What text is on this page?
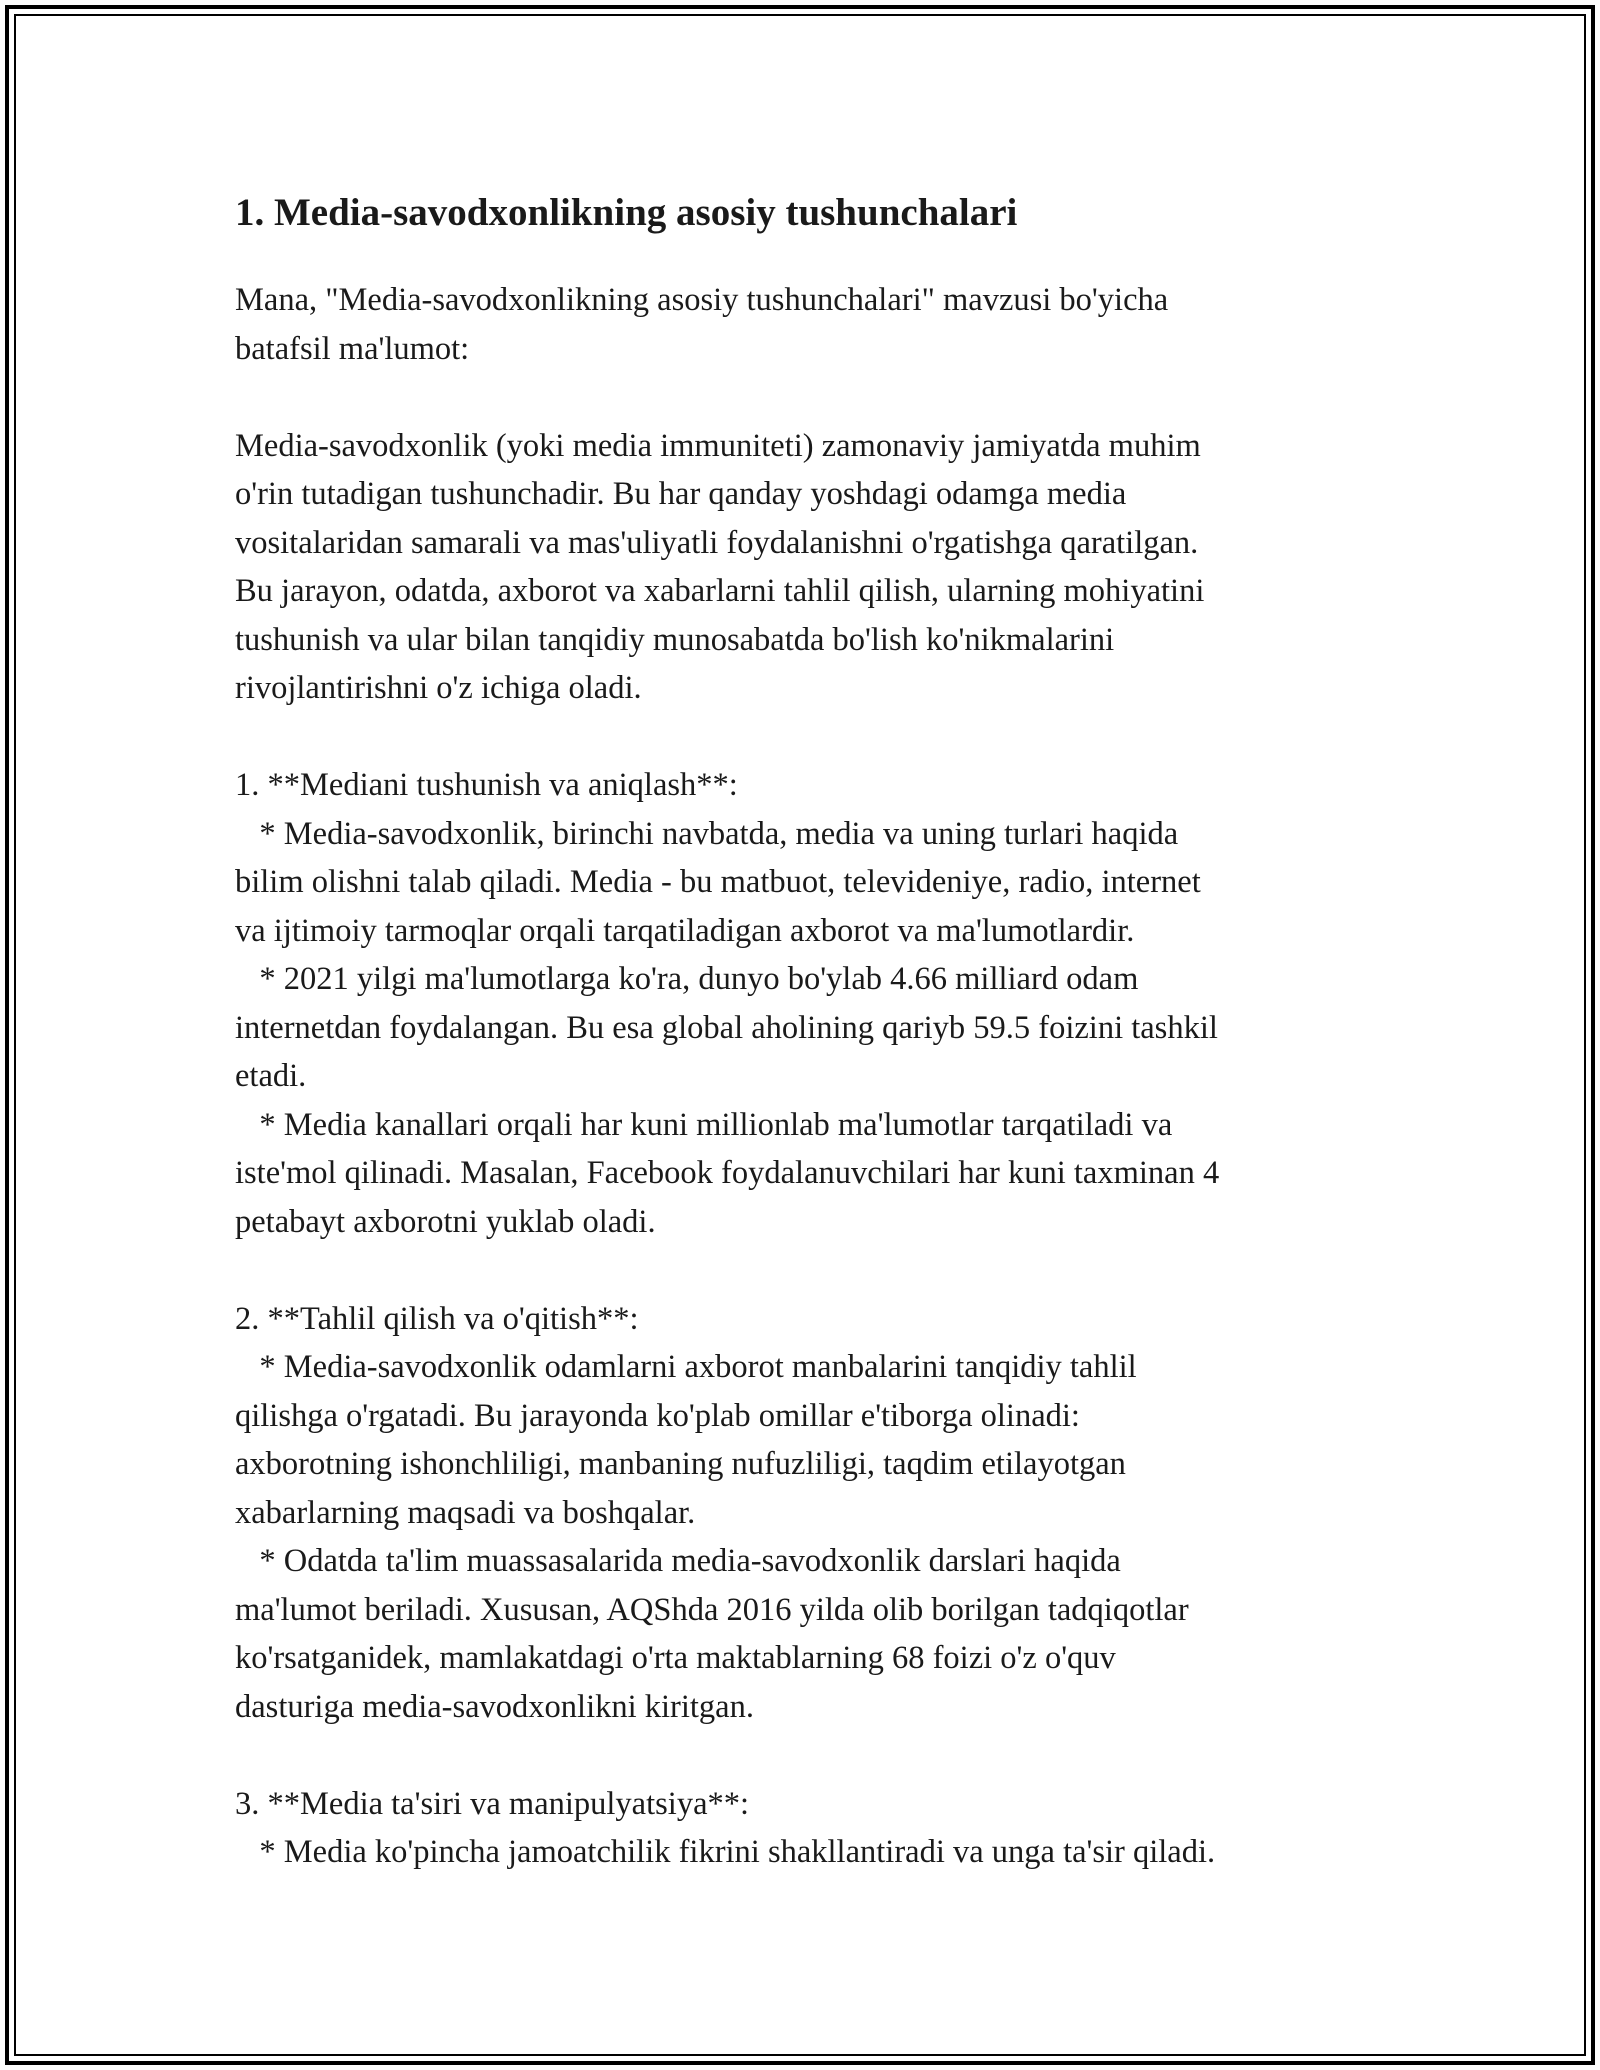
1. Media-savodxonlikning asosiy tushunchalari
Mana, "Media-savodxonlikning asosiy tushunchalari" mavzusi bo'yicha
batafsil ma'lumot:
Media-savodxonlik (yoki media immuniteti) zamonaviy jamiyatda muhim
o'rin tutadigan tushunchadir. Bu har qanday yoshdagi odamga media
vositalaridan samarali va mas'uliyatli foydalanishni o'rgatishga qaratilgan.
Bu jarayon, odatda, axborot va xabarlarni tahlil qilish, ularning mohiyatini
tushunish va ular bilan tanqidiy munosabatda bo'lish ko'nikmalarini
rivojlantirishni o'z ichiga oladi.
1. **Mediani tushunish va aniqlash**:
* Media-savodxonlik, birinchi navbatda, media va uning turlari haqida
bilim olishni talab qiladi. Media - bu matbuot, televideniye, radio, internet
va ijtimoiy tarmoqlar orqali tarqatiladigan axborot va ma'lumotlardir.
* 2021 yilgi ma'lumotlarga ko'ra, dunyo bo'ylab 4.66 milliard odam
internetdan foydalangan. Bu esa global aholining qariyb 59.5 foizini tashkil
etadi.
* Media kanallari orqali har kuni millionlab ma'lumotlar tarqatiladi va
iste'mol qilinadi. Masalan, Facebook foydalanuvchilari har kuni taxminan 4
petabayt axborotni yuklab oladi.
2. **Tahlil qilish va o'qitish**:
* Media-savodxonlik odamlarni axborot manbalarini tanqidiy tahlil
qilishga o'rgatadi. Bu jarayonda ko'plab omillar e'tiborga olinadi:
axborotning ishonchliligi, manbaning nufuzliligi, taqdim etilayotgan
xabarlarning maqsadi va boshqalar.
* Odatda ta'lim muassasalarida media-savodxonlik darslari haqida
ma'lumot beriladi. Xususan, AQShda 2016 yilda olib borilgan tadqiqotlar
ko'rsatganidek, mamlakatdagi o'rta maktablarning 68 foizi o'z o'quv
dasturiga media-savodxonlikni kiritgan.
3. **Media ta'siri va manipulyatsiya**:
* Media ko'pincha jamoatchilik fikrini shakllantiradi va unga ta'sir qiladi.
